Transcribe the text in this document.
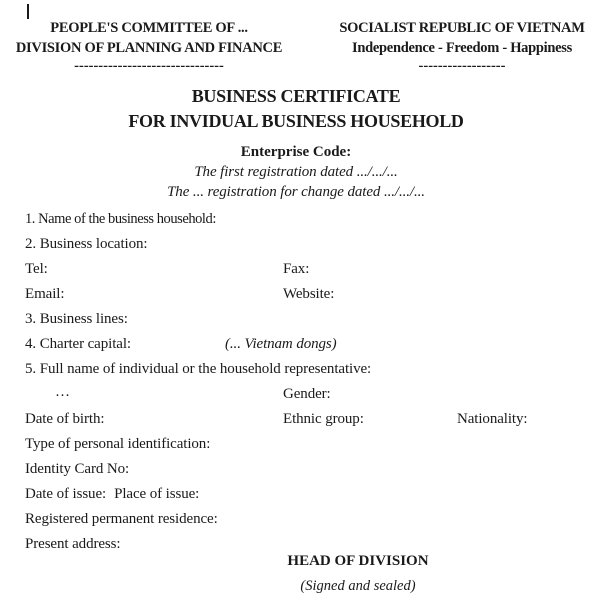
PEOPLE'S COMMITTEE OF ...
DIVISION OF PLANNING AND FINANCE
-------------------------------
SOCIALIST REPUBLIC OF VIETNAM
Independence - Freedom - Happiness
------------------
BUSINESS CERTIFICATE
FOR INVIDUAL BUSINESS HOUSEHOLD
Enterprise Code:
The first registration dated .../.../...
The ... registration for change dated .../.../...
1. Name of the business household:
2. Business location:
Tel:	Fax:
Email:	Website:
3. Business lines:
4. Charter capital:	(... Vietnam dongs)
5. Full name of individual or the household representative:
…	Gender:
Date of birth:	Ethnic group:	Nationality:
Type of personal identification:
Identity Card No:
Date of issue: Place of issue:
Registered permanent residence:
Present address:
HEAD OF DIVISION
(Signed and sealed)
